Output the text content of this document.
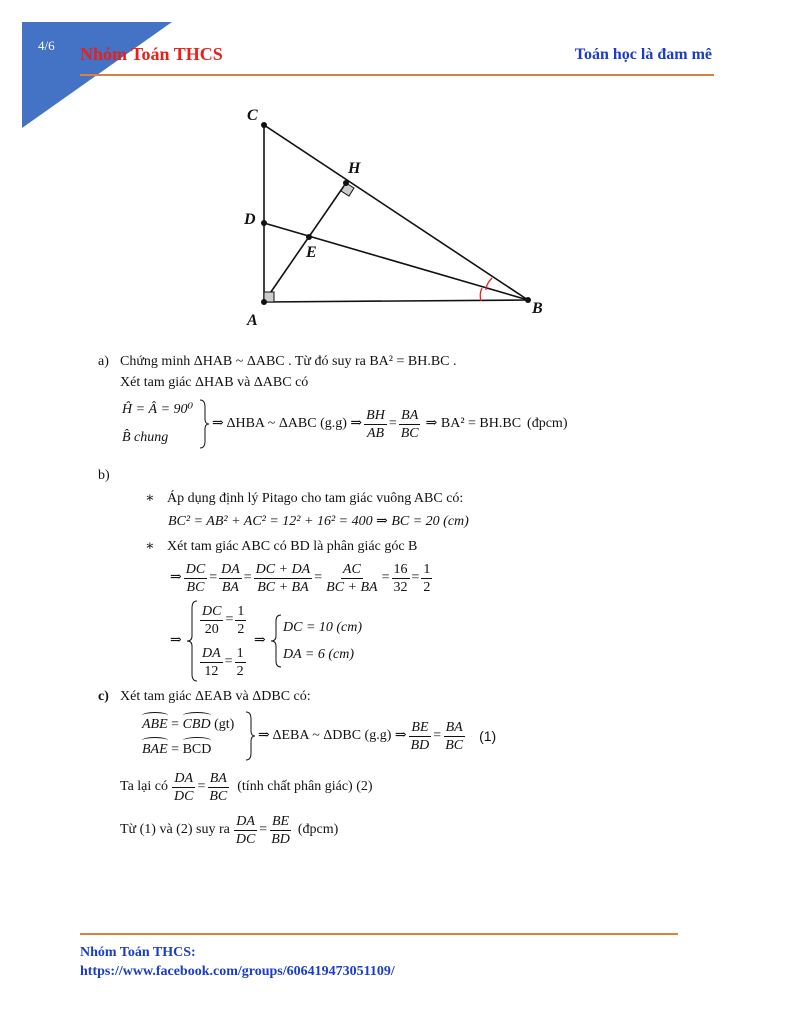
4/6 Nhóm Toán THCS	Toán học là đam mê
C
H
D
E
A
B
a) Chứng minh ΔHAB ~ ΔABC . Từ đó suy ra BA² = BH.BC .
Xét tam giác ΔHAB và ΔABC có
Ĥ = Â = 90⁰
B̂ chung
⇒ ΔHBA ~ ΔABC (g.g) ⇒ $\frac{BH}{AB} = \frac{BA}{BC}$ ⇒ BA² = BH.BC (đpcm)
b)
∗ Áp dụng định lý Pitago cho tam giác vuông ABC có:
BC² = AB² + AC² = 12² + 16² = 400 ⇒ BC = 20 (cm)
∗ Xét tam giác ABC có BD là phân giác góc B
⇒ $\frac{DC}{BC} = \frac{DA}{BA} = \frac{DC + DA}{BC + BA} = \frac{AC}{BC + BA} = \frac{16}{32} = \frac{1}{2}$
⇒
$\frac{DC}{20} = \frac{1}{2}$
$\frac{DA}{12} = \frac{1}{2}$
⇒
DC = 10 (cm)
DA = 6 (cm)
c) Xét tam giác ΔEAB và ΔDBC có:
ABE = CBD (gt)
BAE = BCD
⇒ ΔEBA ~ ΔDBC (g.g) ⇒ $\frac{BE}{BD} = \frac{BA}{BC} (1)$
Ta lại có $\frac{DA}{DC} = \frac{BA}{BC}$ (tính chất phân giác) (2)
Từ (1) và (2) suy ra $\frac{DA}{DC} = \frac{BE}{BD}$ (đpcm)
Nhóm Toán THCS:
https://www.facebook.com/groups/606419473051109/
